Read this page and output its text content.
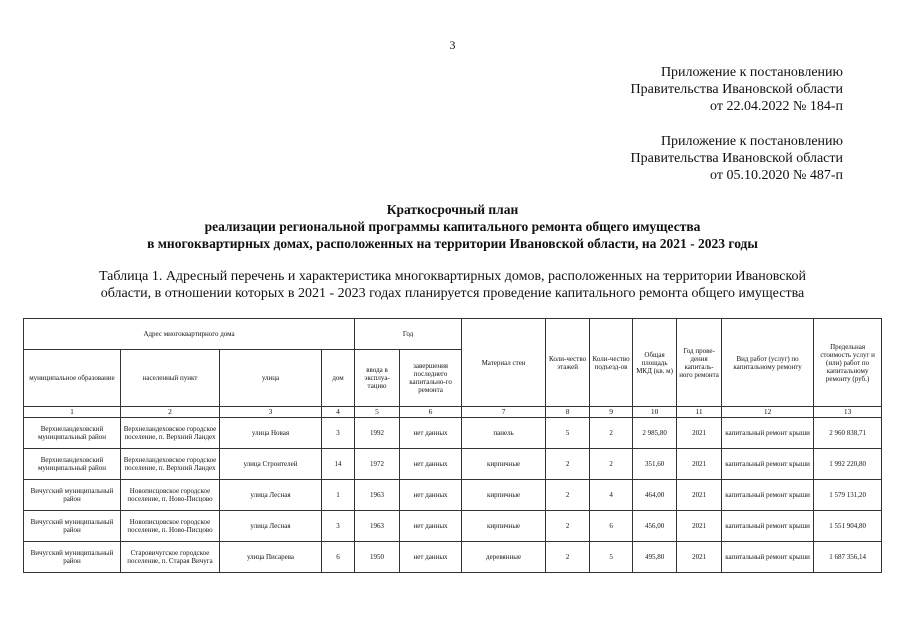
3
Приложение к постановлению
Правительства Ивановской области
от 22.04.2022 № 184-п
Приложение к постановлению
Правительства Ивановской области
от 05.10.2020 № 487-п
Краткосрочный план
реализации региональной программы капитального ремонта общего имущества
в многоквартирных домах, расположенных на территории Ивановской области, на 2021 - 2023 годы
Таблица 1. Адресный перечень и характеристика многоквартирных домов, расположенных на территории Ивановской
области, в отношении которых в 2021 - 2023 годах планируется проведение капитального ремонта общего имущества
Адрес многоквартирного дома				Год		Материал стен	Коли-чество этажей	Коли-чество подъезд-ов	Общая площадь МКД (кв. м)	Год прове-дения капиталь-ного ремонта	Вид работ (услуг) по капитальному ремонту	Предельная стоимость услуг и (или) работ по капитальному ремонту (руб.)
муниципальное образование	населенный пункт	улица	дом	ввода в эксплуа-тацию	завершения последнего капитально-го ремонта							
1	2	3	4	5	6	7	8	9	10	11	12	13
Верхнеландеховский муниципальный район	Верхнеландеховское городское поселение, п. Верхний Ландех	улица Новая	3	1992	нет данных	панель	5	2	2 985,80	2021	капитальный ремонт крыши	2 960 838,71
Верхнеландеховский муниципальный район	Верхнеландеховское городское поселение, п. Верхний Ландех	улица Строителей	14	1972	нет данных	кирпичные	2	2	351,60	2021	капитальный ремонт крыши	1 992 220,80
Вичугский муниципальный район	Новописцовское городское поселение, п. Ново-Писцово	улица Лесная	1	1963	нет данных	кирпичные	2	4	464,00	2021	капитальный ремонт крыши	1 579 131,20
Вичугский муниципальный район	Новописцовское городское поселение, п. Ново-Писцово	улица Лесная	3	1963	нет данных	кирпичные	2	6	456,00	2021	капитальный ремонт крыши	1 551 904,80
Вичугский муниципальный район	Старовичугское городское поселение, п. Старая Вичуга	улица Писарева	6	1950	нет данных	деревянные	2	5	495,80	2021	капитальный ремонт крыши	1 687 356,14
